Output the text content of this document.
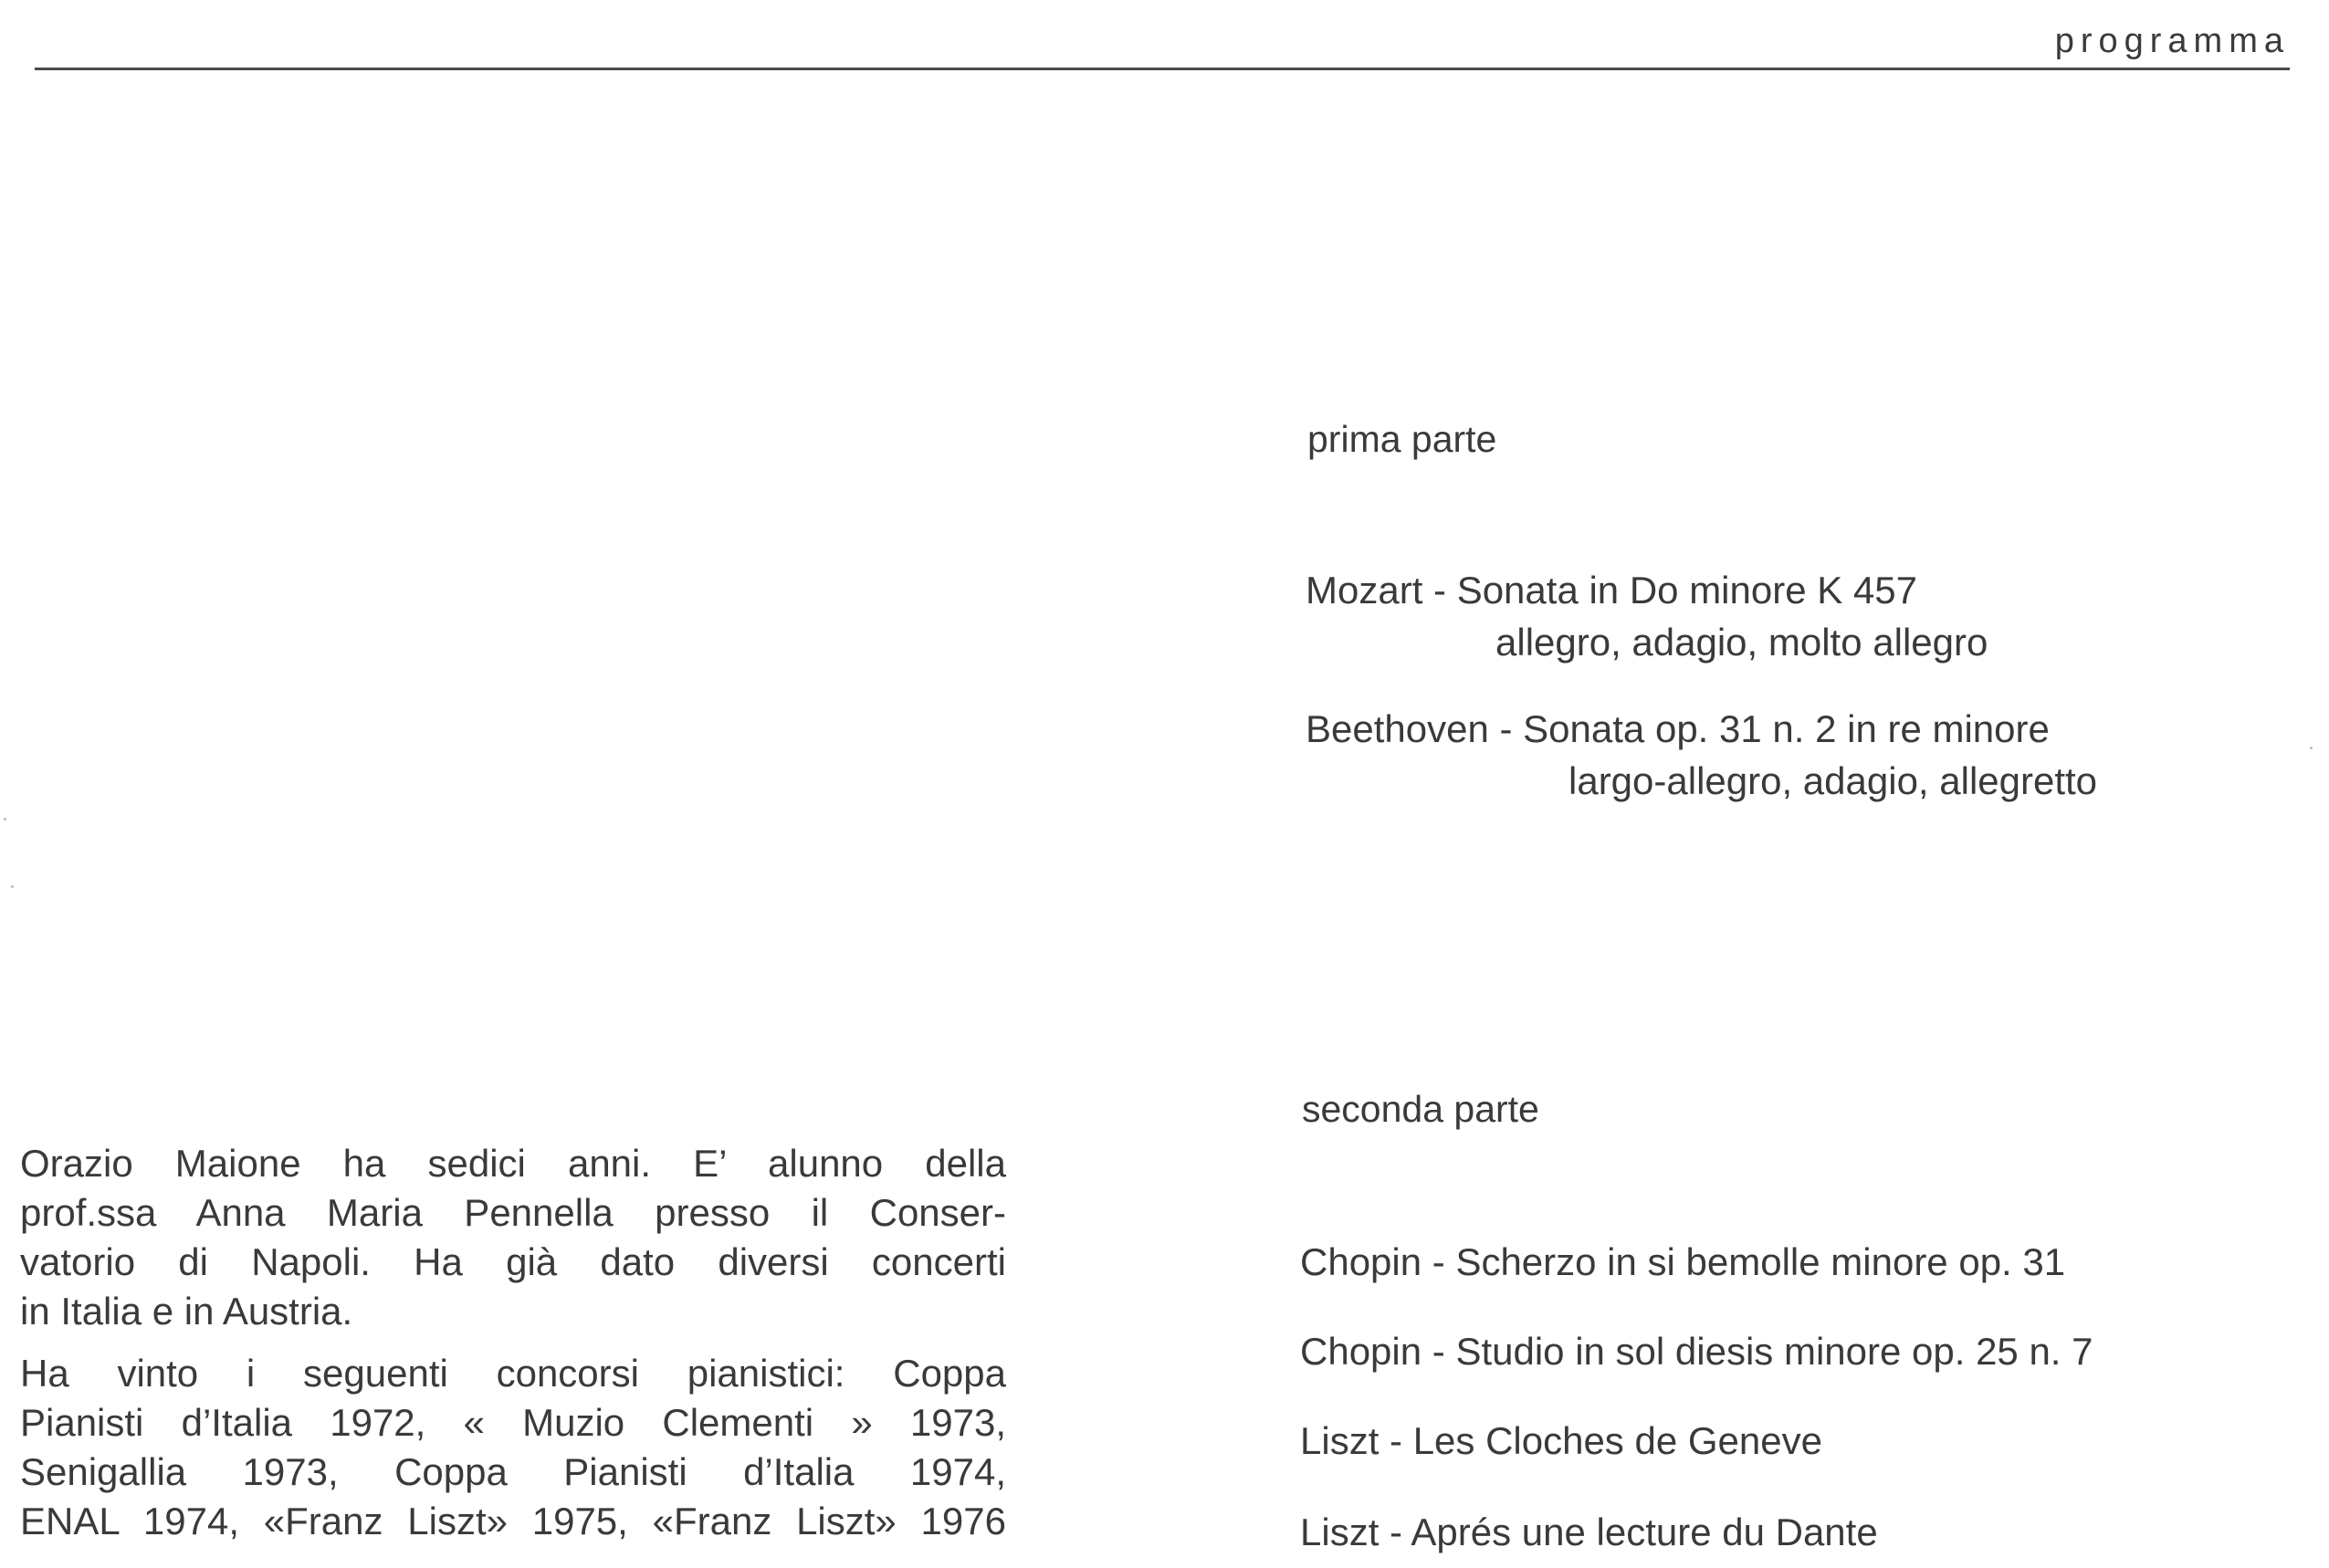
programma
prima parte
Mozart - Sonata in Do minore K 457
allegro, adagio, molto allegro
Beethoven - Sonata op. 31 n. 2 in re minore
largo-allegro, adagio, allegretto
seconda parte
Chopin - Scherzo in si bemolle minore op. 31
Chopin - Studio in sol diesis minore op. 25 n. 7
Liszt - Les Cloches de Geneve
Liszt - Aprés une lecture du Dante
Orazio Maione ha sedici anni. E’ alunno della
prof.ssa Anna Maria Pennella presso il Conser-
vatorio di Napoli. Ha già dato diversi concerti
in Italia e in Austria.
Ha vinto i seguenti concorsi pianistici: Coppa
Pianisti d’Italia 1972, « Muzio Clementi » 1973,
Senigallia 1973, Coppa Pianisti d’Italia 1974,
ENAL 1974, «Franz Liszt» 1975, «Franz Liszt» 1976
